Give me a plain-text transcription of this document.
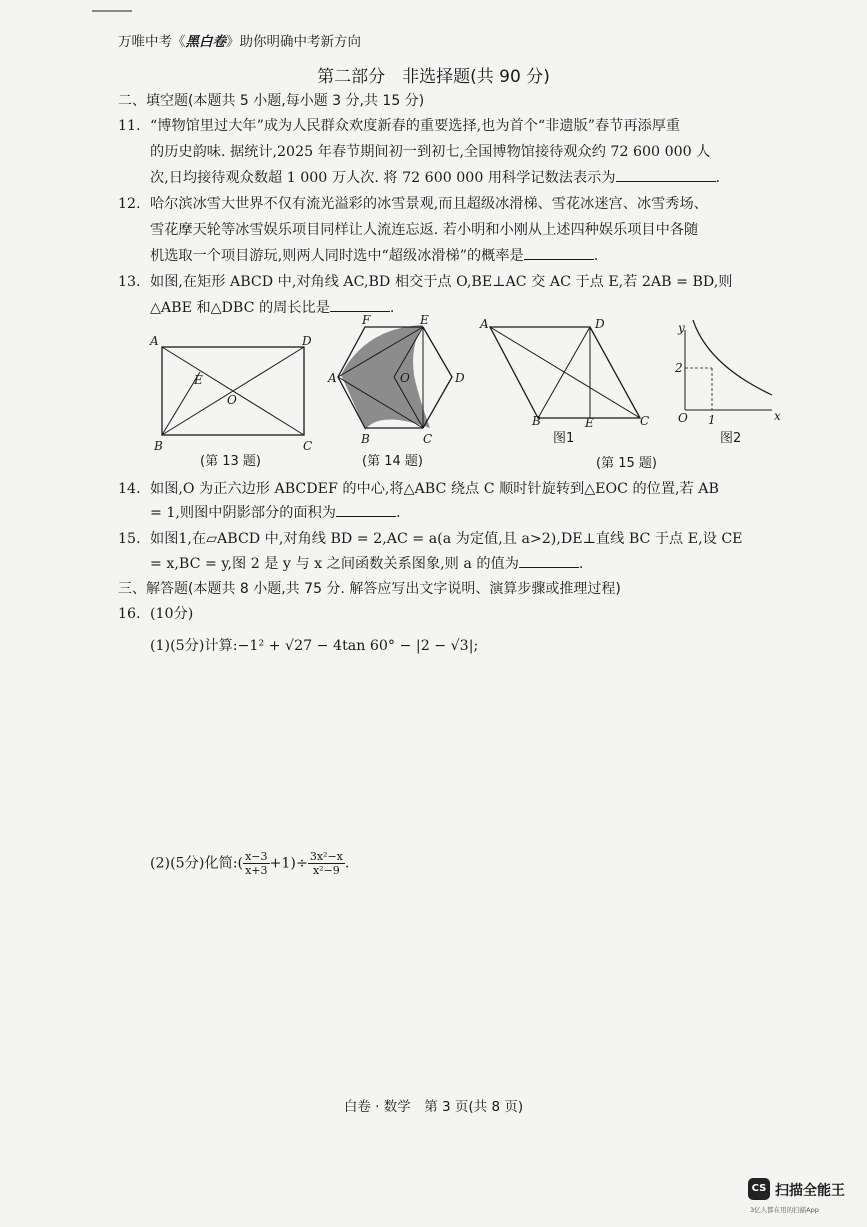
万唯中考《黑白卷》助你明确中考新方向
第二部分　非选择题(共 90 分)
二、填空题(本题共 5 小题,每小题 3 分,共 15 分)
11. “博物馆里过大年”成为人民群众欢度新春的重要选择,也为首个“非遗版”春节再添厚重
的历史韵味. 据统计,2025 年春节期间初一到初七,全国博物馆接待观众约 72 600 000 人
次,日均接待观众数超 1 000 万人次. 将 72 600 000 用科学记数法表示为	.
12. 哈尔滨冰雪大世界不仅有流光溢彩的冰雪景观,而且超级冰滑梯、雪花冰迷宫、冰雪秀场、
雪花摩天轮等冰雪娱乐项目同样让人流连忘返. 若小明和小刚从上述四种娱乐项目中各随
机选取一个项目游玩,则两人同时选中“超级冰滑梯”的概率是	.
13. 如图,在矩形 ABCD 中,对角线 AC,BD 相交于点 O,BE⊥AC 交 AC 于点 E,若 2AB = BD,则
△ABE 和△DBC 的周长比是	.
A	D
B	C
E
O
F	E
A	D
O
B	C
A	D
B	E	C
y
O
2
1	x
(第 13 题)	(第 14 题)
图1	图2
(第 15 题)
14. 如图,O 为正六边形 ABCDEF 的中心,将△ABC 绕点 C 顺时针旋转到△EOC 的位置,若 AB
= 1,则图中阴影部分的面积为	.
15. 如图1,在▱ABCD 中,对角线 BD = 2,AC = a(a 为定值,且 a>2),DE⊥直线 BC 于点 E,设 CE
= x,BC = y,图 2 是 y 与 x 之间函数关系图象,则 a 的值为	.
三、解答题(本题共 8 小题,共 75 分. 解答应写出文字说明、演算步骤或推理过程)
16. (10分)
(1)(5分)计算:−1² + √27 − 4tan 60° − |2 − √3|;
(2)(5分)化简:( $\frac{x-3}{x+3} +1)\div \frac{\text{3x²−x}}{\text{x²−9}}$ .
白卷 · 数学　第 3 页(共 8 页)
CS 扫描全能王
3亿人都在用的扫描App
